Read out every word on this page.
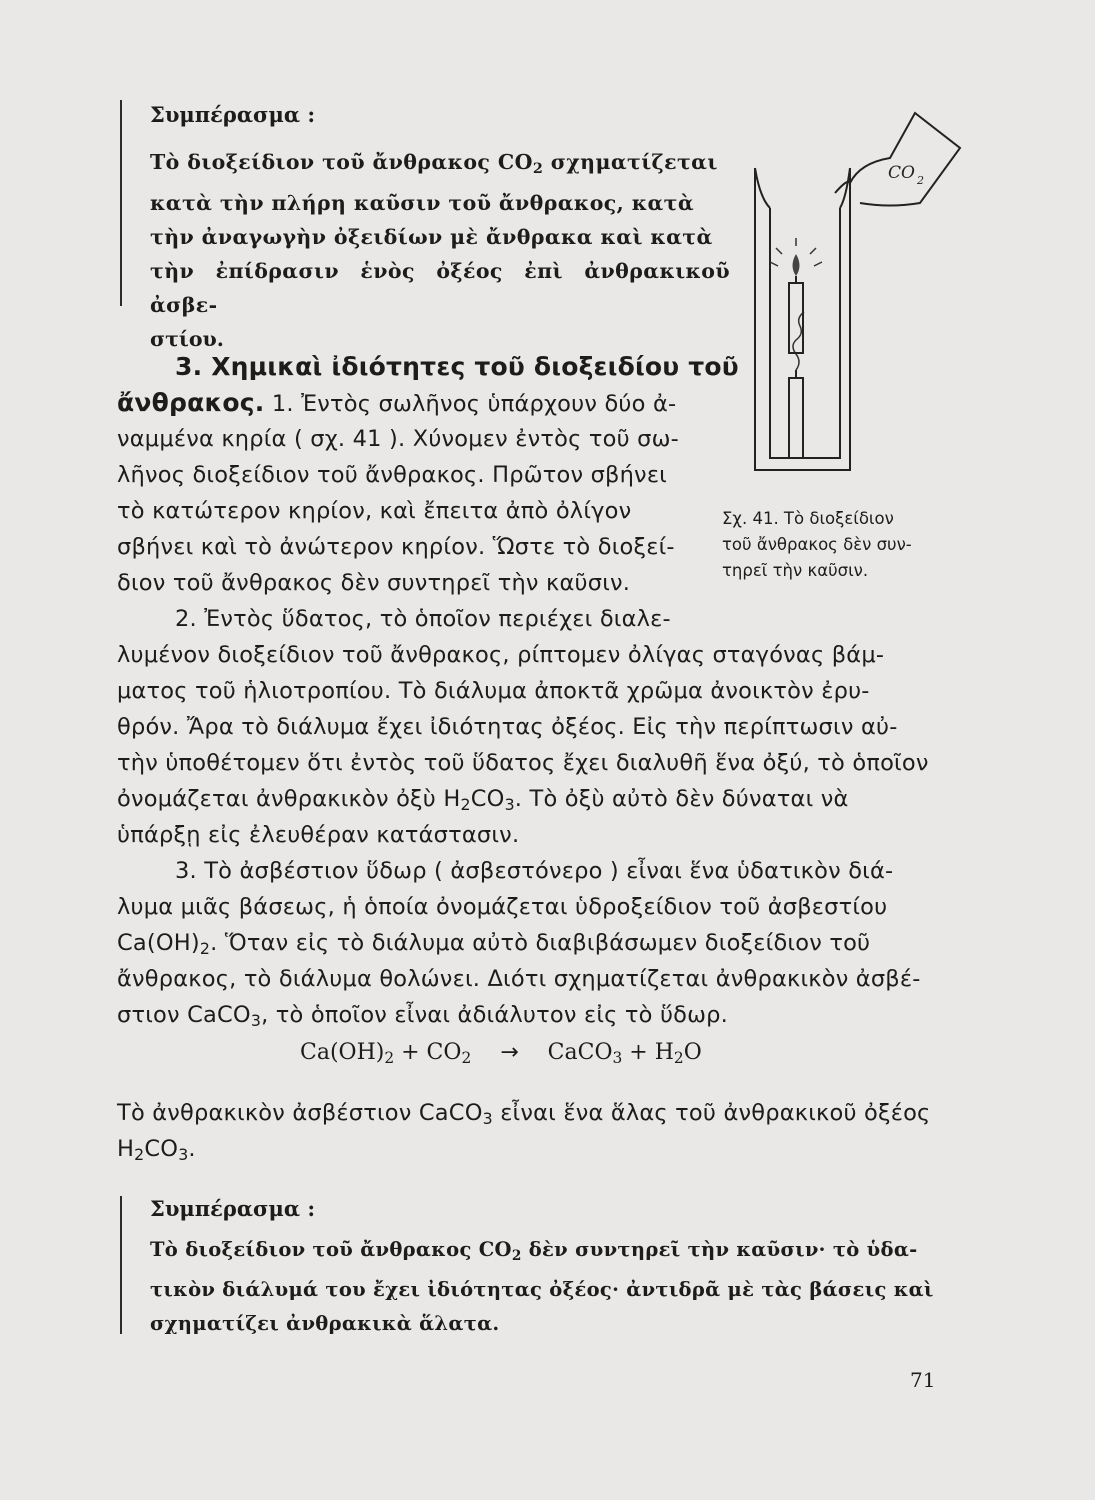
Συμπέρασμα :
Τὸ διοξείδιον τοῦ ἄνθρακος $CO_2$ σχηματίζεται
κατὰ τὴν πλήρη καῦσιν τοῦ ἄνθρακος, κατὰ
τὴν ἀναγωγὴν ὀξειδίων μὲ ἄνθρακα καὶ κατὰ
τὴν ἐπίδρασιν ἑνὸς ὀξέος ἐπὶ ἀνθρακικοῦ ἀσβε-
στίου.
CO 2
Σχ. 41. Τὸ διοξείδιον
τοῦ ἄνθρακος δὲν συν-
τηρεῖ τὴν καῦσιν.
3. Χημικαὶ ἰδιότητες τοῦ διοξειδίου τοῦ
ἄνθρακος. 1. Ἐντὸς σωλῆνος ὑπάρχουν δύο ἀ-
ναμμένα κηρία ( σχ. 41 ). Χύνομεν ἐντὸς τοῦ σω-
λῆνος διοξείδιον τοῦ ἄνθρακος. Πρῶτον σβήνει
τὸ κατώτερον κηρίον, καὶ ἔπειτα ἀπὸ ὀλίγον
σβήνει καὶ τὸ ἀνώτερον κηρίον. Ὥστε τὸ διοξεί-
διον τοῦ ἄνθρακος δὲν συντηρεῖ τὴν καῦσιν.
2. Ἐντὸς ὕδατος, τὸ ὁποῖον περιέχει διαλε-
λυμένον διοξείδιον τοῦ ἄνθρακος, ρίπτομεν ὀλίγας σταγόνας βάμ-
ματος τοῦ ἡλιοτροπίου. Τὸ διάλυμα ἀποκτᾶ χρῶμα ἀνοικτὸν ἐρυ-
θρόν. Ἄρα τὸ διάλυμα ἔχει ἰδιότητας ὀξέος. Εἰς τὴν περίπτωσιν αὐ-
τὴν ὑποθέτομεν ὅτι ἐντὸς τοῦ ὕδατος ἔχει διαλυθῆ ἕνα ὀξύ, τὸ ὁποῖον
ὀνομάζεται ἀνθρακικὸν ὀξὺ $H_2CO_3$. Τὸ ὀξὺ αὐτὸ δὲν δύναται νὰ
ὑπάρξῃ εἰς ἐλευθέραν κατάστασιν.
3. Τὸ ἀσβέστιον ὕδωρ ( ἀσβεστόνερο ) εἶναι ἕνα ὑδατικὸν διά-
λυμα μιᾶς βάσεως, ἡ ὁποία ὀνομάζεται ὑδροξείδιον τοῦ ἀσβεστίου
$Ca(OH)_2$. Ὅταν εἰς τὸ διάλυμα αὐτὸ διαβιβάσωμεν διοξείδιον τοῦ
ἄνθρακος, τὸ διάλυμα θολώνει. Διότι σχηματίζεται ἀνθρακικὸν ἀσβέ-
στιον CaCO$_3$, τὸ ὁποῖον εἶναι ἀδιάλυτον εἰς τὸ ὕδωρ.
$Ca(OH)_2 + CO_2$ → CaCO$_3$ + $H_2O$
Τὸ ἀνθρακικὸν ἀσβέστιον CaCO$_3$ εἶναι ἕνα ἅλας τοῦ ἀνθρακικοῦ ὀξέος
$H_2CO_3$.
Συμπέρασμα :
Τὸ διοξείδιον τοῦ ἄνθρακος $CO_2$ δὲν συντηρεῖ τὴν καῦσιν· τὸ ὑδα-
τικὸν διάλυμά του ἔχει ἰδιότητας ὀξέος· ἀντιδρᾶ μὲ τὰς βάσεις καὶ
σχηματίζει ἀνθρακικὰ ἅλατα.
71
